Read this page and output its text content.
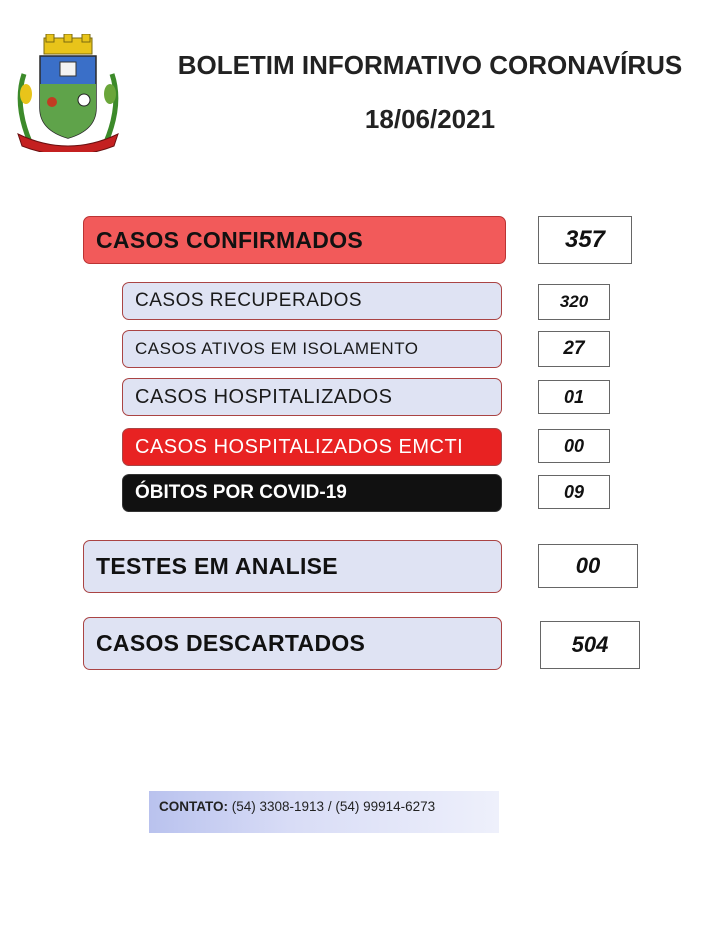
BOLETIM INFORMATIVO CORONAVÍRUS
18/06/2021
CASOS CONFIRMADOS	357
CASOS RECUPERADOS	320
CASOS ATIVOS EM ISOLAMENTO	27
CASOS HOSPITALIZADOS	01
CASOS HOSPITALIZADOS EMCTI	00
ÓBITOS POR COVID-19	09
TESTES EM ANALISE	00
CASOS DESCARTADOS	504
CONTATO: (54) 3308-1913 / (54) 99914-6273
